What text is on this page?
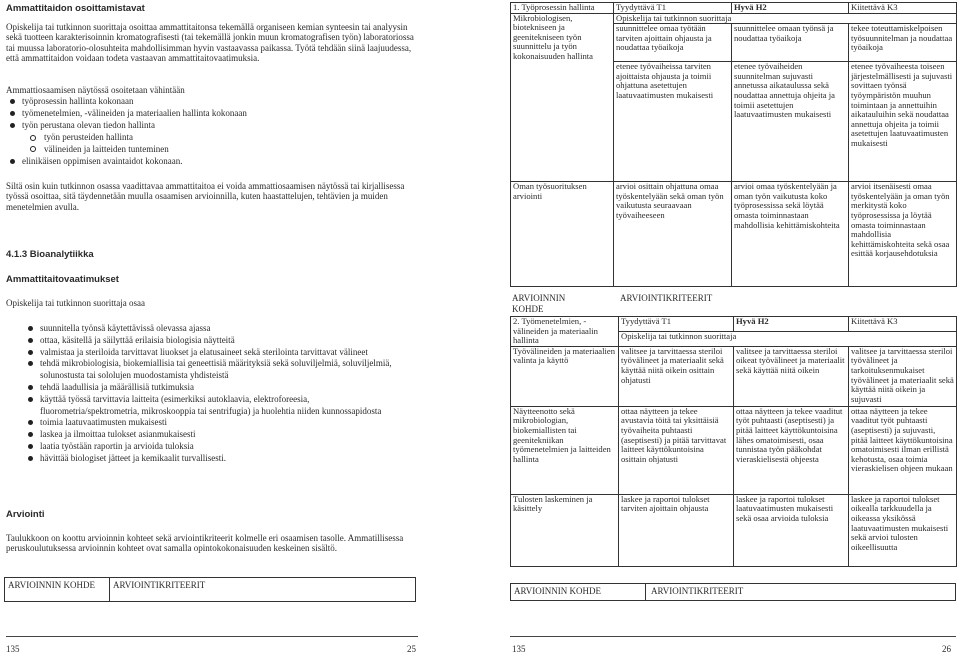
Ammattitaidon osoittamistavat
Opiskelija tai tutkinnon suorittaja osoittaa ammattitaitonsa tekemällä organiseen kemian synteesin tai analyysin sekä tuotteen karakterisoinnin kromatografisesti (tai tekemällä jonkin muun kromatografisen työn) laboratoriossa tai muussa laboratorio-olosuhteita mahdollisimman hyvin vastaavassa paikassa. Työtä tehdään siinä laajuudessa, että ammattitaidon voidaan todeta vastaavan ammattitaitovaatimuksia.
Ammattiosaamisen näytössä osoitetaan vähintään
työprosessin hallinta kokonaan
työmenetelmien, -välineiden ja materiaalien hallinta kokonaan
työn perustana olevan tiedon hallinta
työn perusteiden hallinta
välineiden ja laitteiden tunteminen
elinikäisen oppimisen avaintaidot kokonaan.
Siltä osin kuin tutkinnon osassa vaadittavaa ammattitaitoa ei voida ammattiosaamisen näytössä tai kirjallisessa työssä osoittaa, sitä täydennetään muulla osaamisen arvioinnilla, kuten haastattelujen, tehtävien ja muiden menetelmien avulla.
4.1.3 Bioanalytiikka
Ammattitaitovaatimukset
Opiskelija tai tutkinnon suorittaja osaa
suunnitella työnsä käytettävissä olevassa ajassa
ottaa, käsitellä ja säilyttää erilaisia biologisia näytteitä
valmistaa ja steriloida tarvittavat liuokset ja elatusaineet sekä sterilointa tarvittavat välineet
tehdä mikrobiologisia, biokemiallisia tai geneettisiä määrityksiä sekä soluviljelmiä, soluviljelmiä, solunostusta tai sololujen muodostamista yhdisteistä
tehdä laadullisia ja määrällisiä tutkimuksia
käyttää työssä tarvittavia laitteita (esimerkiksi autoklaavia, elektroforeesia, fluorometria/spektrometria, mikroskooppia tai sentrifugia) ja huolehtia niiden kunnossapidosta
toimia laatuvaatimusten mukaisesti
laskea ja ilmoittaa tulokset asianmukaisesti
laatia työstään raportin ja arvioida tuloksia
hävittää biologiset jätteet ja kemikaalit turvallisesti.
Arviointi
Taulukkoon on koottu arvioinnin kohteet sekä arviointikriteerit kolmelle eri osaamisen tasolle. Ammatillisessa peruskoulutuksessa arvioinnin kohteet ovat samalla opintokokonaisuuden keskeinen sisältö.
ARVIOINNIN KOHDE	ARVIOINTIKRITEERIT
135	25
1. Työprosessin hallinta	Tyydyttävä T1	Hyvä H2	Kiitettävä K3
Mikrobiologisen, biotekniseen ja geenitekniseen työn suunnittelu ja työn kokonaisuuden hallinta	Opiskelija tai tutkinnon suorittaja		
	suunnittelee omaa työtään tarviten ajoittain ohjausta ja noudattaa työaikoja	suunnittelee omaan työnsä ja noudattaa työaikoja	tekee toteuttamiskelpoisen työsuunnitelman ja noudattaa työaikoja
	etenee työvaiheissa tarviten ajoittaista ohjausta ja toimii ohjattuna asetettujen laatuvaatimusten mukaisesti	etenee työvaiheiden suunnitelman sujuvasti annetussa aikataulussa sekä noudattaa annettuja ohjeita ja toimii asetettujen laatuvaatimusten mukaisesti	etenee työvaiheesta toiseen järjestelmällisesti ja sujuvasti sovittaen työnsä työympäristön muuhun toimintaan ja annettuihin aikatauluihin sekä noudattaa annettuja ohjeita ja toimii asetettujen laatuvaatimusten mukaisesti
Oman työsuorituksen arviointi	arvioi osittain ohjattuna omaa työskentelyään sekä oman työn vaikutusta seuraavaan työvaiheeseen	arvioi omaa työskentelyään ja oman työn vaikutusta koko työprosessissa sekä löytää omasta toiminnastaan mahdollisia kehittämiskohteita	arvioi itsenäisesti omaa työskentelyään ja oman työn merkitystä koko työprosessissa ja löytää omasta toiminnastaan mahdollisia kehittämiskohteita sekä osaa esittää korjausehdotuksia
ARVIOINNIN KOHDE
ARVIOINTIKRITEERIT
2. Työmenetelmien, -välineiden ja materiaalin hallinta	Tyydyttävä T1	Hyvä H2	Kiitettävä K3
	Opiskelija tai tutkinnon suorittaja		
Työvälineiden ja materiaalien valinta ja käyttö	valitsee ja tarvittaessa steriloi työvälineet ja materiaalit sekä käyttää niitä oikein osittain ohjatusti	valitsee ja tarvittaessa steriloi oikeat työvälineet ja materiaalit sekä käyttää niitä oikein	valitsee ja tarvittaessa steriloi työvälineet ja tarkoituksenmukaiset työvälineet ja materiaalit sekä käyttää niitä oikein ja sujuvasti
Näytteenotto sekä mikrobiologian, biokemiallisten tai geenitekniikan työmenetelmien ja laitteiden hallinta	ottaa näytteen ja tekee avustavia töitä tai yksittäisiä työvaiheita puhtaasti (aseptisesti) ja pitää tarvittavat laitteet käyttökuntoisina osittain ohjatusti	ottaa näytteen ja tekee vaaditut työt puhtaasti (aseptisesti) ja pitää laitteet käyttökuntoisina lähes omatoimisesti, osaa tunnistaa työn pääkohdat vieraskielisestä ohjeesta	ottaa näytteen ja tekee vaaditut työt puhtaasti (aseptisesti) ja sujuvasti, pitää laitteet käyttökuntoisina omatoimisesti ilman erillistä kehotusta, osaa toimia vieraskielisen ohjeen mukaan
Tulosten laskeminen ja käsittely	laskee ja raportoi tulokset tarviten ajoittain ohjausta	laskee ja raportoi tulokset laatuvaatimusten mukaisesti sekä osaa arvioida tuloksia	laskee ja raportoi tulokset oikealla tarkkuudella ja oikeassa yksikössä laatuvaatimusten mukaisesti sekä arvioi tulosten oikeellisuutta
ARVIOINNIN KOHDE	ARVIOINTIKRITEERIT
135	26
